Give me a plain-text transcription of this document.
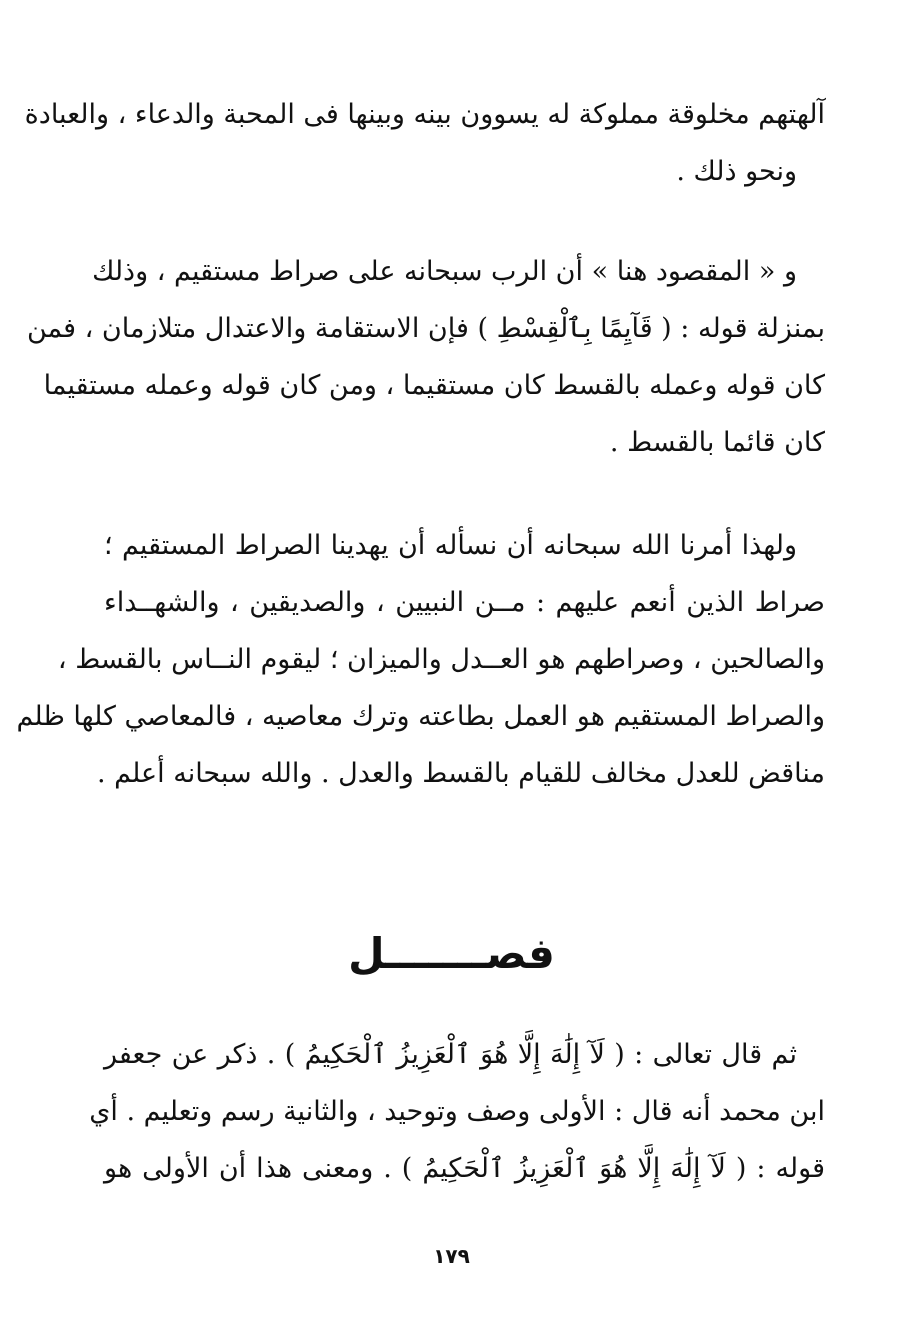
آلهتهم مخلوقة مملوكة له يسوون بينه وبينها فى المحبة والدعاء ، والعبادة
ونحو ذلك .

و « المقصود هنا » أن الرب سبحانه على صراط مستقيم ، وذلك
بمنزلة قوله : ( قَآيِمًا بِٱلْقِسْطِ ) فإن الاستقامة والاعتدال متلازمان ، فمن
كان قوله وعمله بالقسط كان مستقيما ، ومن كان قوله وعمله مستقيما
كان قائما بالقسط .

ولهذا أمرنا الله سبحانه أن نسأله أن يهدينا الصراط المستقيم ؛
صراط الذين أنعم عليهم : مــن النبيين ، والصديقين ، والشهــداء
والصالحين ، وصراطهم هو العــدل والميزان ؛ ليقوم النــاس بالقسط ،
والصراط المستقيم هو العمل بطاعته وترك معاصيه ، فالمعاصي كلها ظلم
مناقض للعدل مخالف للقيام بالقسط والعدل . والله سبحانه أعلم .

فصـــــــل

ثم قال تعالى : ( لَآ إِلَٰهَ إِلَّا هُوَ ٱلْعَزِيزُ ٱلْحَكِيمُ ) . ذكر عن جعفر
ابن محمد أنه قال : الأولى وصف وتوحيد ، والثانية رسم وتعليم . أي
قوله : ( لَآ إِلَٰهَ إِلَّا هُوَ ٱلْعَزِيزُ ٱلْحَكِيمُ ) . ومعنى هذا أن الأولى هو

١٧٩
